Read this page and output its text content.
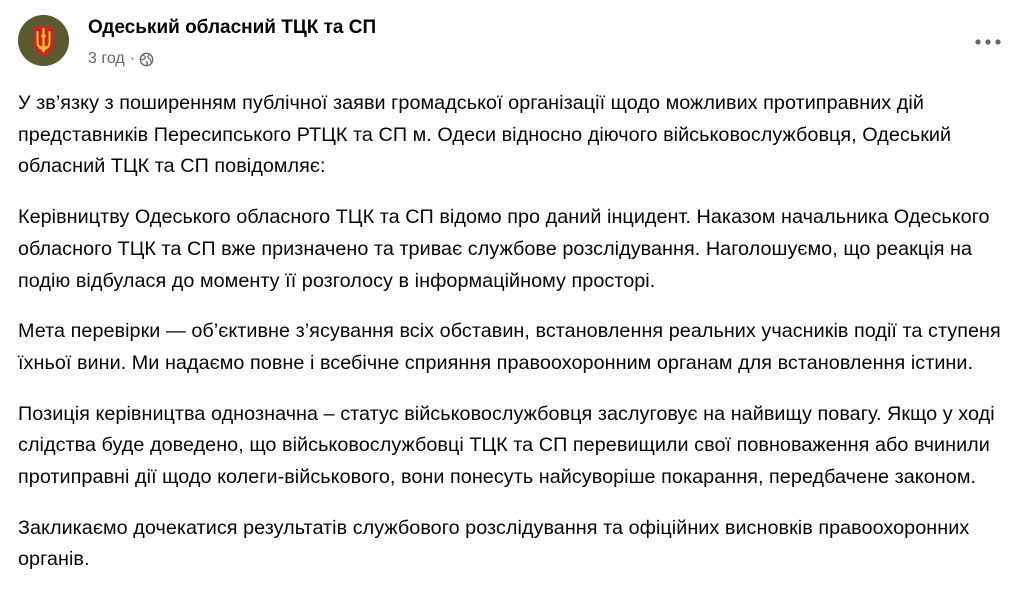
Одеський обласний ТЦК та СП
3 год ·

У зв’язку з поширенням публічної заяви громадської організації щодо можливих протиправних дій представників Пересипського РТЦК та СП м. Одеси відносно діючого військовослужбовця, Одеський обласний ТЦК та СП повідомляє:

Керівництву Одеського обласного ТЦК та СП відомо про даний інцидент. Наказом начальника Одеського обласного ТЦК та СП вже призначено та триває службове розслідування. Наголошуємо, що реакція на подію відбулася до моменту її розголосу в інформаційному просторі.

Мета перевірки — об’єктивне з’ясування всіх обставин, встановлення реальних учасників події та ступеня їхньої вини. Ми надаємо повне і всебічне сприяння правоохоронним органам для встановлення істини.

Позиція керівництва однозначна – статус військовослужбовця заслуговує на найвищу повагу. Якщо у ході слідства буде доведено, що військовослужбовці ТЦК та СП перевищили свої повноваження або вчинили протиправні дії щодо колеги-військового, вони понесуть найсуворіше покарання, передбачене законом.

Закликаємо дочекатися результатів службового розслідування та офіційних висновків правоохоронних органів.
